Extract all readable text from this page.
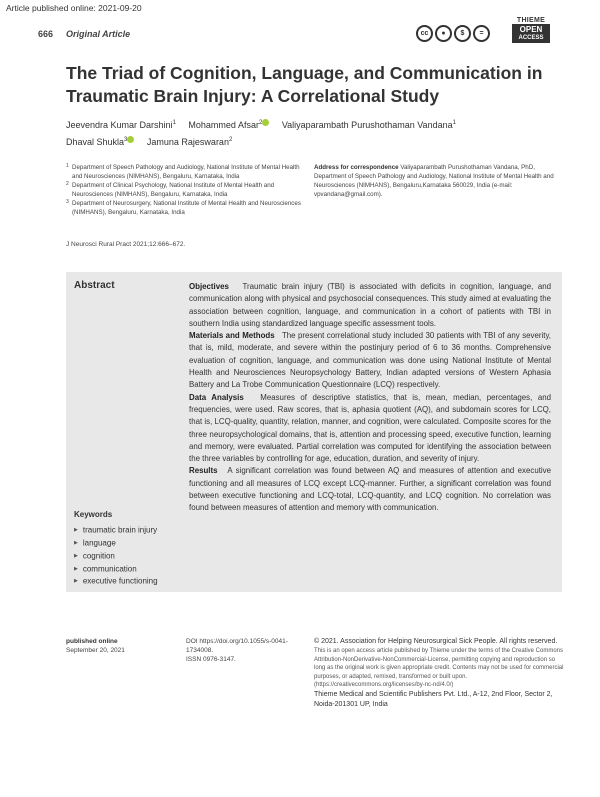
Article published online: 2021-09-20
666 Original Article	cc	●	$	=
THIEME
OPEN
ACCESS
The Triad of Cognition, Language, and Communication in Traumatic Brain Injury: A Correlational Study
Jeevendra Kumar Darshini$^1$ Mohammed Afsar$^2$ Valiyaparambath Purushothaman Vandana$^1$
Dhaval Shukla$^3$ Jamuna Rajeswaran$^2$
1 Department of Speech Pathology and Audiology, National Institute of Mental Health and Neurosciences (NIMHANS), Bengaluru, Karnataka, India
2 Department of Clinical Psychology, National Institute of Mental Health and Neurosciences (NIMHANS), Bengaluru, Karnataka, India
3 Department of Neurosurgery, National Institute of Mental Health and Neurosciences (NIMHANS), Bengaluru, Karnataka, India
Address for correspondence Valiyaparambath Purushothaman Vandana, PhD, Department of Speech Pathology and Audiology, National Institute of Mental Health and Neurosciences (NIMHANS), Bengaluru,Karnataka 560029, India (e-mail: vpvandana@gmail.com).
J Neurosci Rural Pract 2021;12:666–672.
Abstract	Objectives Traumatic brain injury (TBI) is associated with deficits in cognition, language, and communication along with physical and psychosocial consequences. This study aimed at evaluating the association between cognition, language, and communication in a cohort of patients with TBI in southern India using standardized language specific assessment tools.

Materials and Methods The present correlational study included 30 patients with TBI of any severity, that is, mild, moderate, and severe within the postinjury period of 6 to 36 months. Comprehensive evaluation of cognition, language, and communication was done using National Institute of Mental Health and Neurosciences Neuropsychology Battery, Indian adapted versions of Western Aphasia Battery and La Trobe Communication Questionnaire (LCQ) respectively.

Data Analysis Measures of descriptive statistics, that is, mean, median, percentages, and frequencies, were used. Raw scores, that is, aphasia quotient (AQ), and subdomain scores for LCQ, that is, LCQ-quality, quantity, relation, manner, and cognition, were calculated. Composite scores for the three neuropsychological domains, that is, attention and processing speed, executive function, learning and memory, were evaluated. Partial correlation was computed for identifying the association between the three variables by controlling for age, education, duration, and severity of injury.

Results A significant correlation was found between AQ and measures of attention and executive functioning and all measures of LCQ except LCQ-manner. Further, a significant correlation was found between executive functioning and LCQ-total, LCQ-quantity, and LCQ cognition. No correlation was found between measures of attention and memory with communication.

Keywords
▶ traumatic brain injury
▶ language
▶ cognition
▶ communication
▶ executive functioning
published online
September 20, 2021
DOI https://doi.org/10.1055/s-0041-1734008.
ISSN 0976-3147.
© 2021. Association for Helping Neurosurgical Sick People. All rights reserved.
This is an open access article published by Thieme under the terms of the Creative Commons Attribution-NonDerivative-NonCommercial-License, permitting copying and reproduction so long as the original work is given appropriate credit. Contents may not be used for commercial purposes, or adapted, remixed, transformed or built upon. (https://creativecommons.org/licenses/by-nc-nd/4.0/)
Thieme Medical and Scientific Publishers Pvt. Ltd., A-12, 2nd Floor, Sector 2, Noida-201301 UP, India
